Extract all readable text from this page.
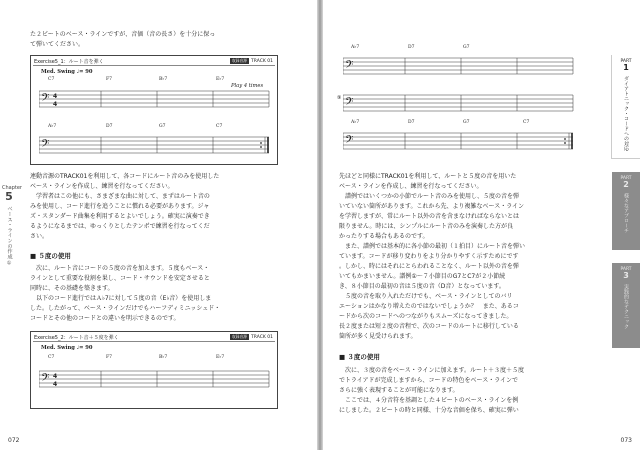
た２ビートのベース・ラインですが、音価（音の長さ）を十分に保っ
て弾いてください。
Exercise5_1：ルート音を弾く	収録音源 TRACK 01
Med. Swing ♩= 90
Play 4 times
C7	F7	B♭7	E♭7
𝄢 4
4
A♭7	D7	G7	C7
𝄢
連動音源のTRACK01を利用して、各コードにルート音のみを使用した
ベース・ラインを作成し、練習を行なってください。
学習者はこの他にも、さまざまな曲に対して、まずはルート音の
みを使用し、コード進行を追うことに慣れる必要があります。ジャ
ズ・スタンダード曲集を利用するとよいでしょう。確実に演奏でき
るようになるまでは、ゆっくりとしたテンポで練習を行なってくだ
さい。
■ ５度の使用
次に、ルート音にコードの５度の音を加えます。５度もベース・
ラインとして重要な役割を果し、コード・サウンドを安定させると
同時に、その基礎を築きます。
以下のコード進行ではＡ♭7に対して５度の音（E♭音）を使用しま
した。したがって、ベース・ラインだけでもハーフディミニッシュド・
コードとその他のコードとの違いを明示できるのです。
Exercise5_2：ルート音＋５度を弾く	収録音源 TRACK 01
Med. Swing ♩= 90
C7	F7	B♭7	E♭7
𝄢 4
4
Chapter
5
ベース・ラインの作成 ①
072
𝄢
A♭7	D7	G7
⑨ 𝄢
A♭7	D7	G7	C7
𝄢
先ほどと同様にTRACK01を利用して、ルートと５度の音を用いた
ベース・ラインを作成し、練習を行なってください。
譜例ではいくつかの小節でルート音のみを使用し、５度の音を弾
いていない箇所があります。これから先、より複雑なベース・ライン
を学習しますが、常にルート以外の音を含まなければならないとは
限りません。時には、シンプルにルート音のみを演奏した方が良
かったりする場合もあるのです。
また、譜例では基本的に各小節の最初（１拍目）にルート音を弾い
ています。コードが移り変わりをより分かりやすく示すためにです
。しかし、時にはそれにとらわれることなく、ルート以外の音を弾
いてもかまいません。譜例①〜７小節目のG7とC7が２小節続
き、８小節目の最初の音は５度の音（D音）となっています。
５度の音を取り入れただけでも、ベース・ラインとしてのバリ
エーションはかなり増えたのではないでしょうか？　また、あるコ
ードから次のコードへのつながりもスムーズになってきました。
長２度または短２度の音程で、次のコードのルートに移行している
箇所が多く見受けられます。
■ ３度の使用
次に、３度の音をベース・ラインに加えます。ルート＋３度＋５度
でトライアドが完成しますから、コードの特色をベース・ラインで
さらに強く表現することが可能になります。
ここでは、４分音符を基調とした４ビートのベース・ラインを例
にしました。２ビートの時と同様、十分な音価を保ち、確実に弾い
PART
1
ダイアトニック・コードへの対応
PART
2
様々なアプローチ
PART
3
実践的なテクニック
073
